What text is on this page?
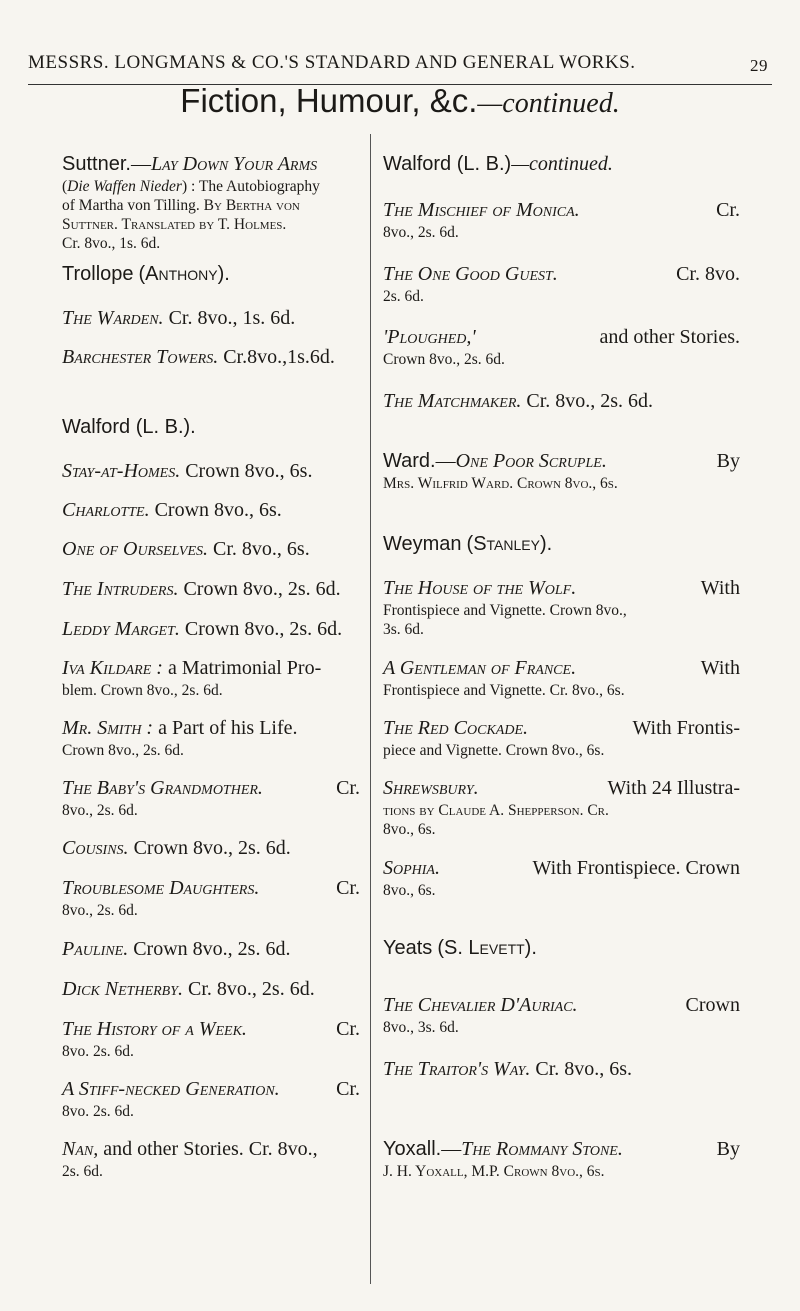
MESSRS. LONGMANS & CO.'S STANDARD AND GENERAL WORKS.	29
Fiction, Humour, &c.—continued.
Suttner.—Lay Down Your Arms
(Die Waffen Nieder) : The Autobiography
of Martha von Tilling. By Bertha von
Suttner. Translated by T. Holmes.
Cr. 8vo., 1s. 6d.
Trollope (Anthony).
The Warden. Cr. 8vo., 1s. 6d.
Barchester Towers. Cr.8vo.,1s.6d.
Walford (L. B.).
Stay-at-Homes. Crown 8vo., 6s.
Charlotte. Crown 8vo., 6s.
One of Ourselves. Cr. 8vo., 6s.
The Intruders. Crown 8vo., 2s. 6d.
Leddy Marget. Crown 8vo., 2s. 6d.
Iva Kildare : a Matrimonial Pro-
blem. Crown 8vo., 2s. 6d.
Mr. Smith : a Part of his Life.
Crown 8vo., 2s. 6d.
The Baby's Grandmother.	Cr.
8vo., 2s. 6d.
Cousins. Crown 8vo., 2s. 6d.
Troublesome Daughters.	Cr.
8vo., 2s. 6d.
Pauline. Crown 8vo., 2s. 6d.
Dick Netherby. Cr. 8vo., 2s. 6d.
The History of a Week.	Cr.
8vo. 2s. 6d.
A Stiff-necked Generation.	Cr.
8vo. 2s. 6d.
Nan, and other Stories. Cr. 8vo.,
2s. 6d.
Walford (L. B.)—continued.
The Mischief of Monica.	Cr.
8vo., 2s. 6d.
The One Good Guest.	Cr. 8vo.
2s. 6d.
'Ploughed,'	and other Stories.
Crown 8vo., 2s. 6d.
The Matchmaker. Cr. 8vo., 2s. 6d.
Ward.—One Poor Scruple.	By
Mrs. Wilfrid Ward. Crown 8vo., 6s.
Weyman (Stanley).
The House of the Wolf.	With
Frontispiece and Vignette. Crown 8vo.,
3s. 6d.
A Gentleman of France.	With
Frontispiece and Vignette. Cr. 8vo., 6s.
The Red Cockade.	With Frontis-
piece and Vignette. Crown 8vo., 6s.
Shrewsbury.	With 24 Illustra-
tions by Claude A. Shepperson. Cr.
8vo., 6s.
Sophia.	With Frontispiece. Crown
8vo., 6s.
Yeats (S. Levett).
The Chevalier D'Auriac.	Crown
8vo., 3s. 6d.
The Traitor's Way. Cr. 8vo., 6s.
Yoxall.—The Rommany Stone.	By
J. H. Yoxall, M.P. Crown 8vo., 6s.
